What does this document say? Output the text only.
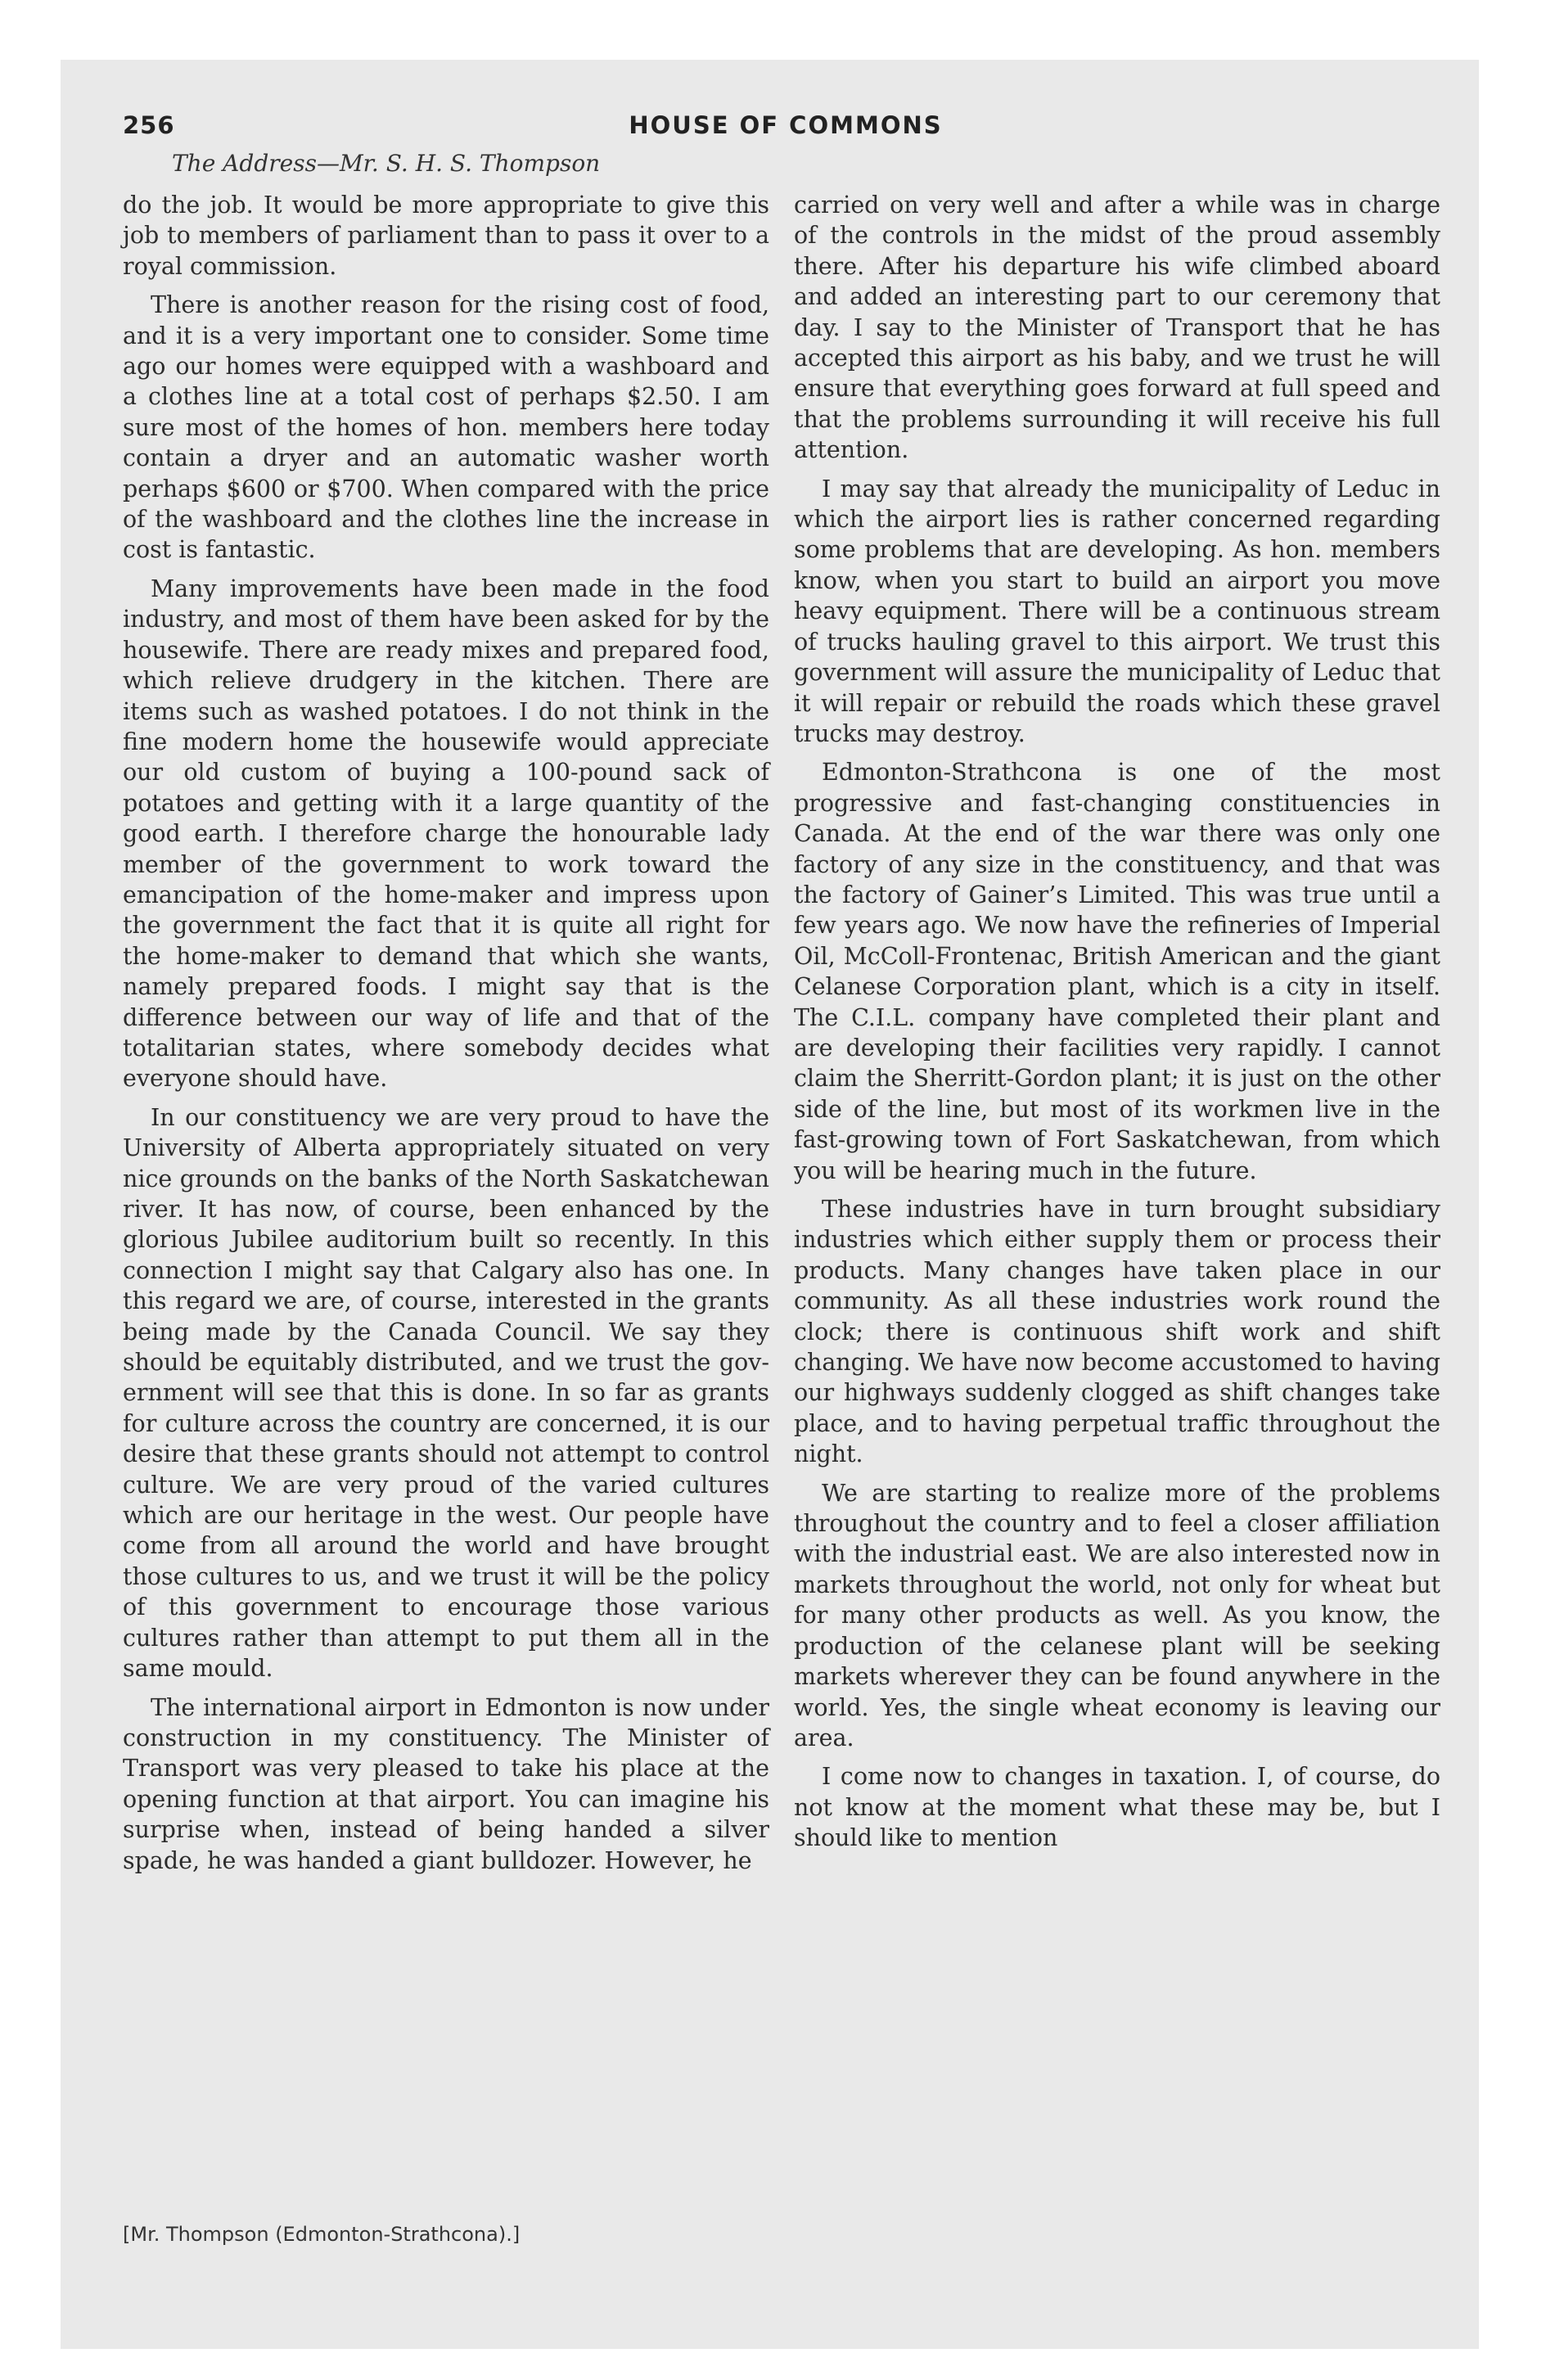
HOUSE OF COMMONS
256
The Address—Mr. S. H. S. Thompson

do the job. It would be more appropriate to give this job to members of parliament than to pass it over to a royal commission.

There is another reason for the rising cost of food, and it is a very important one to consider. Some time ago our homes were equipped with a washboard and a clothes line at a total cost of perhaps $2.50. I am sure most of the homes of hon. members here today contain a dryer and an automatic washer worth perhaps $600 or $700. When compared with the price of the washboard and the clothes line the increase in cost is fantastic.

Many improvements have been made in the food industry, and most of them have been asked for by the housewife. There are ready mixes and prepared food, which relieve drudgery in the kitchen. There are items such as washed potatoes. I do not think in the fine modern home the housewife would appreciate our old custom of buying a 100-pound sack of potatoes and getting with it a large quantity of the good earth. I therefore charge the honourable lady member of the government to work toward the emancipation of the home-maker and impress upon the government the fact that it is quite all right for the home-maker to demand that which she wants, namely prepared foods. I might say that is the difference between our way of life and that of the totalitarian states, where somebody decides what everyone should have.

In our constituency we are very proud to have the University of Alberta appropriately situated on very nice grounds on the banks of the North Saskatchewan river. It has now, of course, been enhanced by the glorious Jubilee auditorium built so recently. In this connection I might say that Calgary also has one. In this regard we are, of course, interested in the grants being made by the Canada Council. We say they should be equitably distributed, and we trust the government will see that this is done. In so far as grants for culture across the country are concerned, it is our desire that these grants should not attempt to control culture. We are very proud of the varied cultures which are our heritage in the west. Our people have come from all around the world and have brought those cultures to us, and we trust it will be the policy of this government to encourage those various cultures rather than attempt to put them all in the same mould.

The international airport in Edmonton is now under construction in my constituency. The Minister of Transport was very pleased to take his place at the opening function at that airport. You can imagine his surprise when, instead of being handed a silver spade, he was handed a giant bulldozer. However, he

carried on very well and after a while was in charge of the controls in the midst of the proud assembly there. After his departure his wife climbed aboard and added an interesting part to our ceremony that day. I say to the Minister of Transport that he has accepted this airport as his baby, and we trust he will ensure that everything goes forward at full speed and that the problems surrounding it will receive his full attention.

I may say that already the municipality of Leduc in which the airport lies is rather concerned regarding some problems that are developing. As hon. members know, when you start to build an airport you move heavy equipment. There will be a continuous stream of trucks hauling gravel to this airport. We trust this government will assure the municipality of Leduc that it will repair or rebuild the roads which these gravel trucks may destroy.

Edmonton-Strathcona is one of the most progressive and fast-changing constituencies in Canada. At the end of the war there was only one factory of any size in the constituency, and that was the factory of Gainer’s Limited. This was true until a few years ago. We now have the refineries of Imperial Oil, McColl-Frontenac, British American and the giant Celanese Corporation plant, which is a city in itself. The C.I.L. company have completed their plant and are developing their facilities very rapidly. I cannot claim the Sherritt-Gordon plant; it is just on the other side of the line, but most of its workmen live in the fast-growing town of Fort Saskatchewan, from which you will be hearing much in the future.

These industries have in turn brought subsidiary industries which either supply them or process their products. Many changes have taken place in our community. As all these industries work round the clock; there is continuous shift work and shift changing. We have now become accustomed to having our highways suddenly clogged as shift changes take place, and to having perpetual traffic throughout the night.

We are starting to realize more of the problems throughout the country and to feel a closer affiliation with the industrial east. We are also interested now in markets throughout the world, not only for wheat but for many other products as well. As you know, the production of the celanese plant will be seeking markets wherever they can be found anywhere in the world. Yes, the single wheat economy is leaving our area.

I come now to changes in taxation. I, of course, do not know at the moment what these may be, but I should like to mention

[Mr. Thompson (Edmonton-Strathcona).]
